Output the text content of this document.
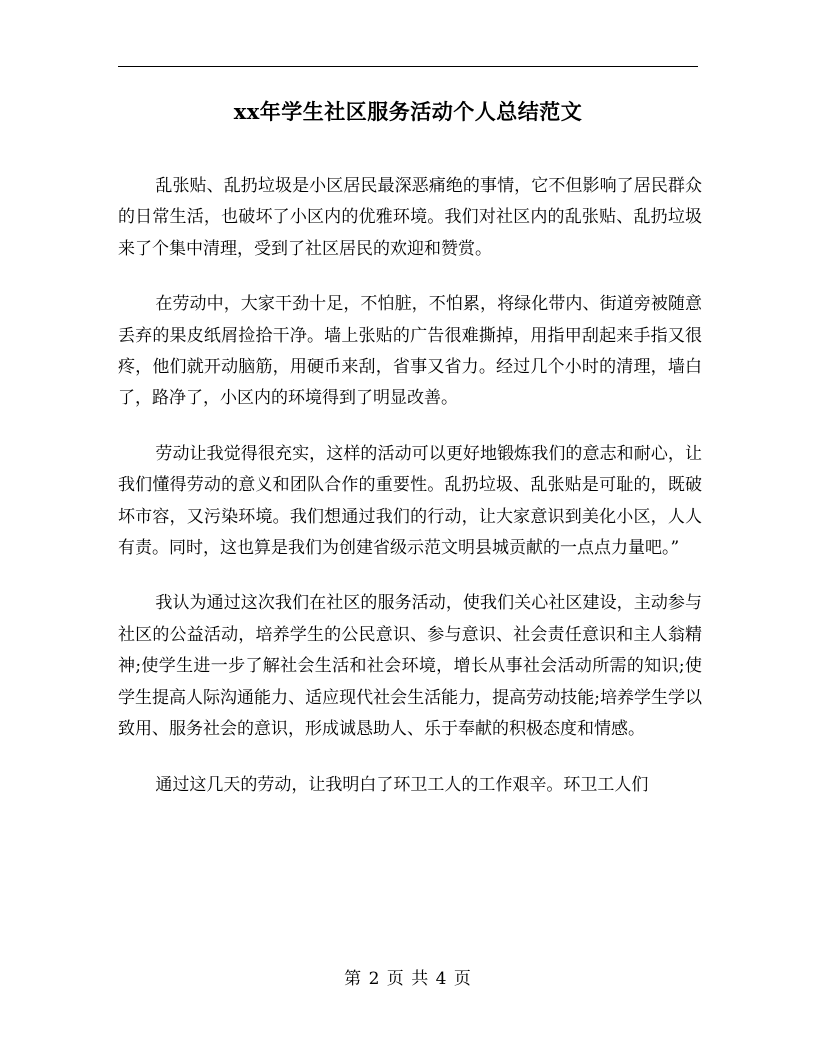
xx年学生社区服务活动个人总结范文

乱张贴、乱扔垃圾是小区居民最深恶痛绝的事情，它不但影响了居民群众的日常生活，也破坏了小区内的优雅环境。我们对社区内的乱张贴、乱扔垃圾来了个集中清理，受到了社区居民的欢迎和赞赏。

在劳动中，大家干劲十足，不怕脏，不怕累，将绿化带内、街道旁被随意丢弃的果皮纸屑捡拾干净。墙上张贴的广告很难撕掉，用指甲刮起来手指又很疼，他们就开动脑筋，用硬币来刮，省事又省力。经过几个小时的清理，墙白了，路净了，小区内的环境得到了明显改善。

劳动让我觉得很充实，这样的活动可以更好地锻炼我们的意志和耐心，让我们懂得劳动的意义和团队合作的重要性。乱扔垃圾、乱张贴是可耻的，既破坏市容，又污染环境。我们想通过我们的行动，让大家意识到美化小区，人人有责。同时，这也算是我们为创建省级示范文明县城贡献的一点点力量吧。”

我认为通过这次我们在社区的服务活动，使我们关心社区建设，主动参与社区的公益活动，培养学生的公民意识、参与意识、社会责任意识和主人翁精神;使学生进一步了解社会生活和社会环境，增长从事社会活动所需的知识;使学生提高人际沟通能力、适应现代社会生活能力，提高劳动技能;培养学生学以致用、服务社会的意识，形成诚恳助人、乐于奉献的积极态度和情感。

通过这几天的劳动，让我明白了环卫工人的工作艰辛。环卫工人们

第 2 页 共 4 页
